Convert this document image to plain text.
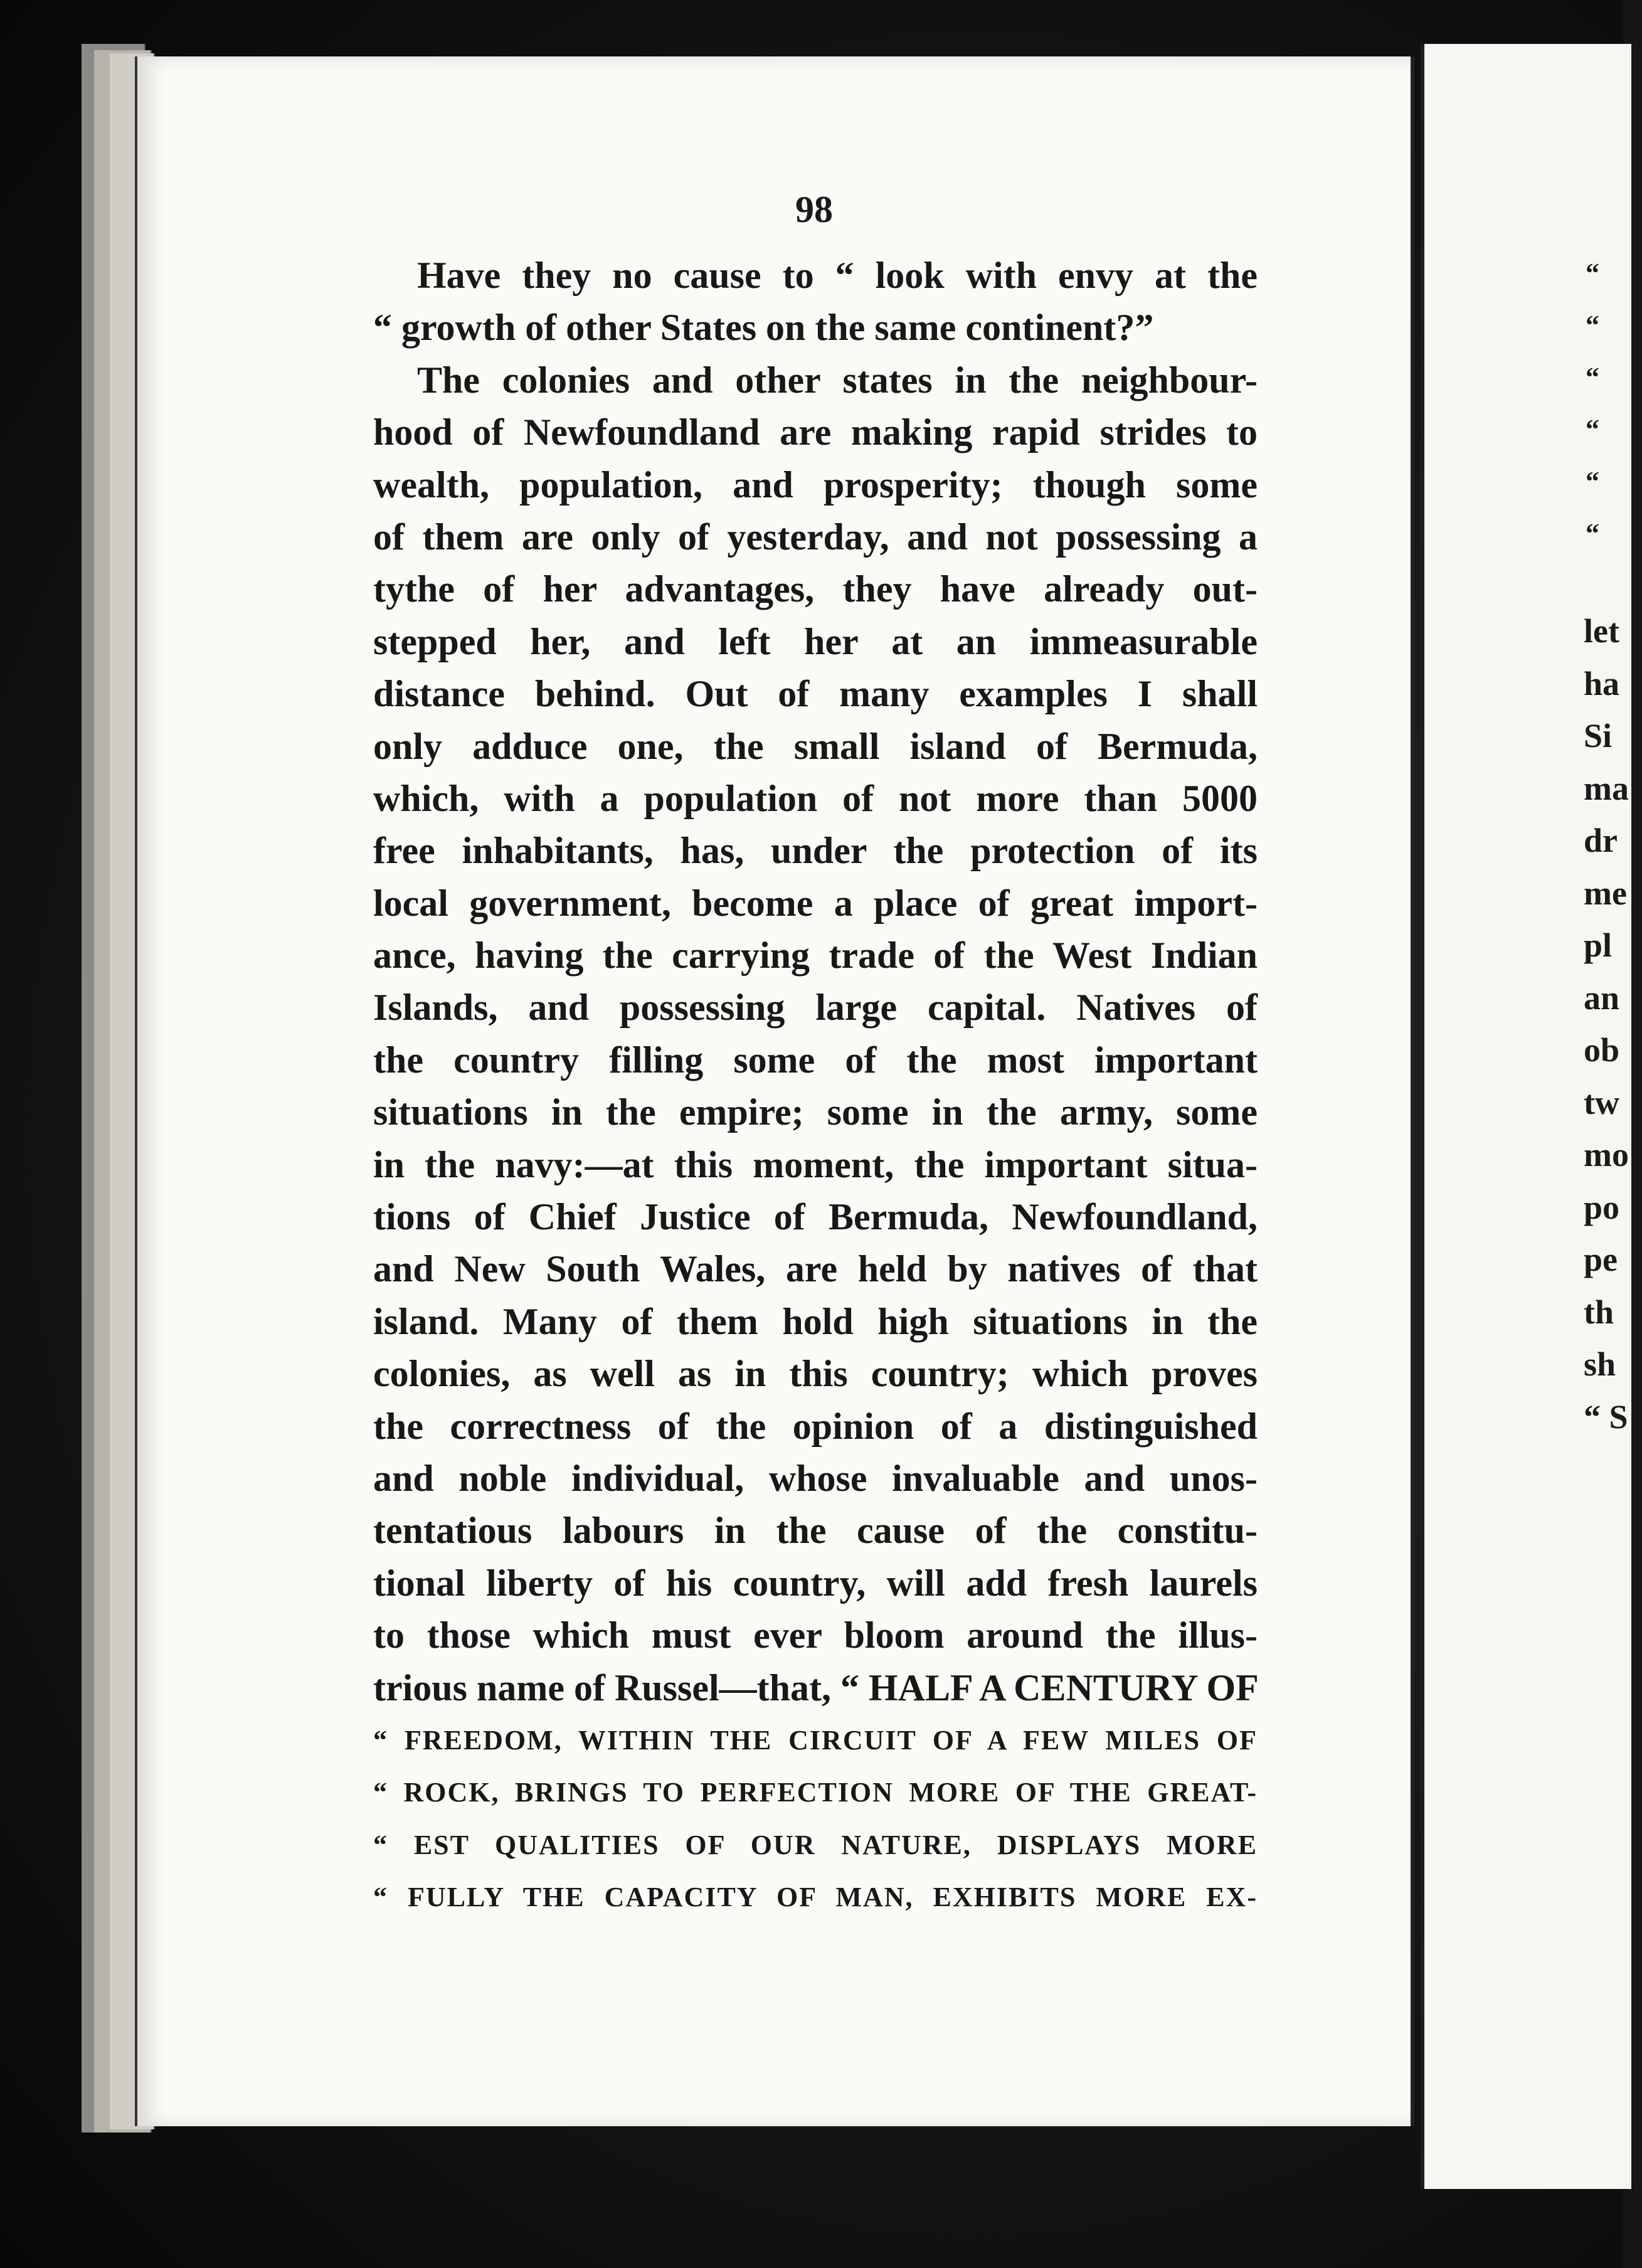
98
Have they no cause to “ look with envy at the
“ growth of other States on the same continent?”
The colonies and other states in the neighbour-
hood of Newfoundland are making rapid strides to
wealth, population, and prosperity; though some
of them are only of yesterday, and not possessing a
tythe of her advantages, they have already out-
stepped her, and left her at an immeasurable
distance behind. Out of many examples I shall
only adduce one, the small island of Bermuda,
which, with a population of not more than 5000
free inhabitants, has, under the protection of its
local government, become a place of great import-
ance, having the carrying trade of the West Indian
Islands, and possessing large capital. Natives of
the country filling some of the most important
situations in the empire; some in the army, some
in the navy:—at this moment, the important situa-
tions of Chief Justice of Bermuda, Newfoundland,
and New South Wales, are held by natives of that
island. Many of them hold high situations in the
colonies, as well as in this country; which proves
the correctness of the opinion of a distinguished
and noble individual, whose invaluable and unos-
tentatious labours in the cause of the constitu-
tional liberty of his country, will add fresh laurels
to those which must ever bloom around the illus-
trious name of Russel—that, “ HALF A CENTURY OF
“ FREEDOM, WITHIN THE CIRCUIT OF A FEW MILES OF
“ ROCK, BRINGS TO PERFECTION MORE OF THE GREAT-
“ EST QUALITIES OF OUR NATURE, DISPLAYS MORE
“ FULLY THE CAPACITY OF MAN, EXHIBITS MORE EX-
“
“
“
“
“
“
let
ha
Si
ma
dr
me
pl
an
ob
tw
mo
po
pe
th
sh
“ S
